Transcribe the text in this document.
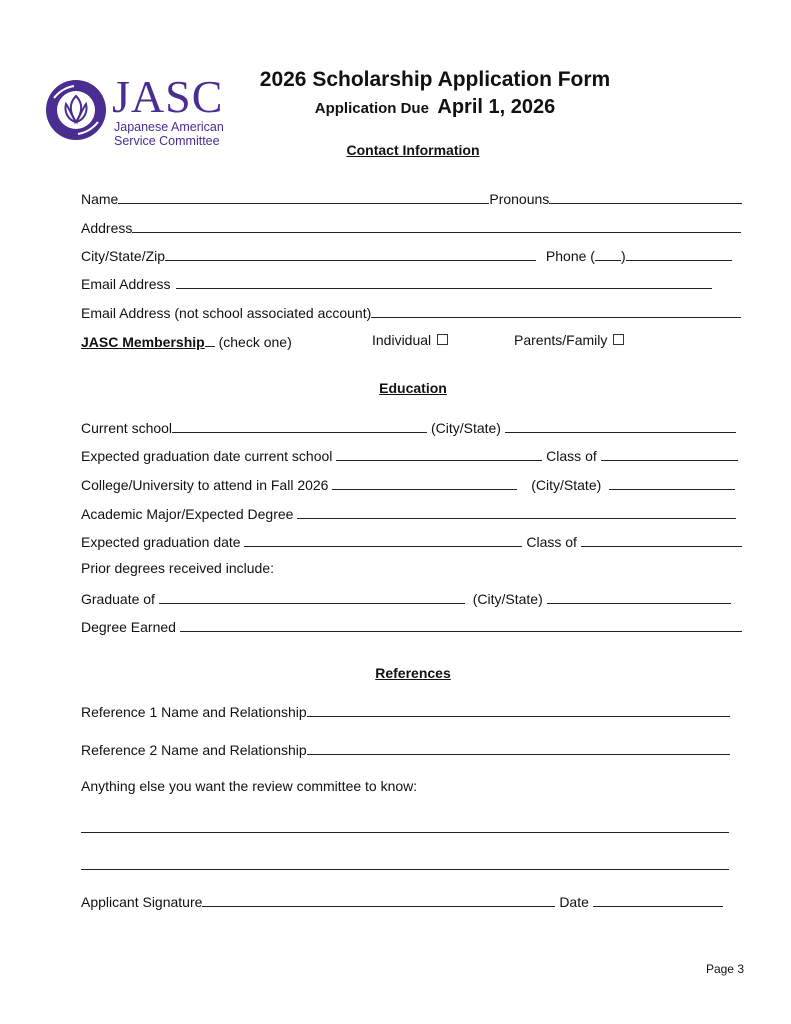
JASC
Japanese American
Service Committee
2026 Scholarship Application Form
Application Due April 1, 2026
Contact Information
Name	Pronouns
Address
City/State/Zip	Phone ( )
Email Address
Email Address (not school associated account)
JASC Membership (check one)	Individual	Parents/Family
Education
Current school	(City/State)
Expected graduation date current school	Class of
College/University to attend in Fall 2026	(City/State)
Academic Major/Expected Degree
Expected graduation date	Class of
Prior degrees received include:
Graduate of	(City/State)
Degree Earned
References
Reference 1 Name and Relationship
Reference 2 Name and Relationship
Anything else you want the review committee to know:
Applicant Signature	Date
Page 3
